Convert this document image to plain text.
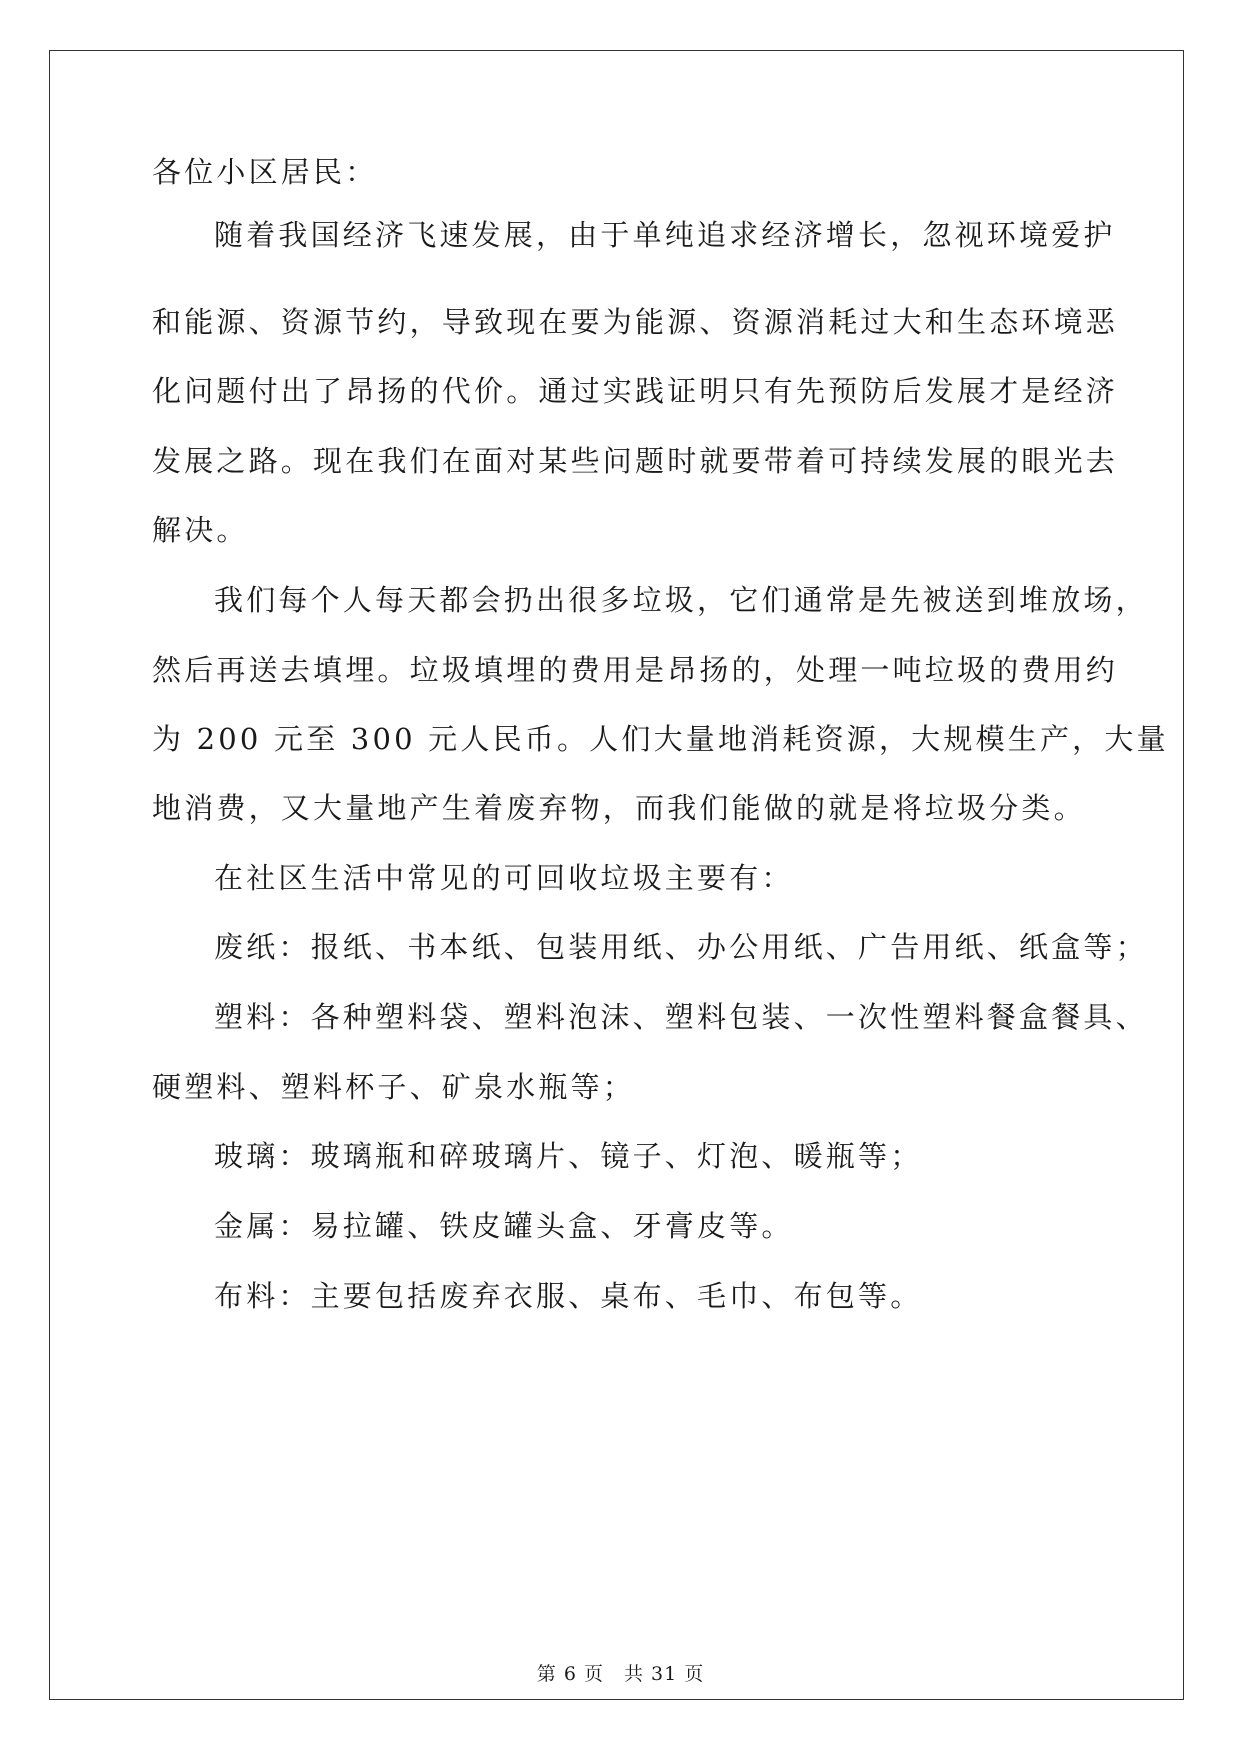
各位小区居民：
随着我国经济飞速发展，由于单纯追求经济增长，忽视环境爱护
和能源、资源节约，导致现在要为能源、资源消耗过大和生态环境恶
化问题付出了昂扬的代价。通过实践证明只有先预防后发展才是经济
发展之路。现在我们在面对某些问题时就要带着可持续发展的眼光去
解决。
我们每个人每天都会扔出很多垃圾，它们通常是先被送到堆放场，
然后再送去填埋。垃圾填埋的费用是昂扬的，处理一吨垃圾的费用约
为 200 元至 300 元人民币。人们大量地消耗资源，大规模生产，大量
地消费，又大量地产生着废弃物，而我们能做的就是将垃圾分类。
在社区生活中常见的可回收垃圾主要有：
废纸：报纸、书本纸、包装用纸、办公用纸、广告用纸、纸盒等；
塑料：各种塑料袋、塑料泡沫、塑料包装、一次性塑料餐盒餐具、
硬塑料、塑料杯子、矿泉水瓶等；
玻璃：玻璃瓶和碎玻璃片、镜子、灯泡、暖瓶等；
金属：易拉罐、铁皮罐头盒、牙膏皮等。
布料：主要包括废弃衣服、桌布、毛巾、布包等。
第 6 页　共 31 页
